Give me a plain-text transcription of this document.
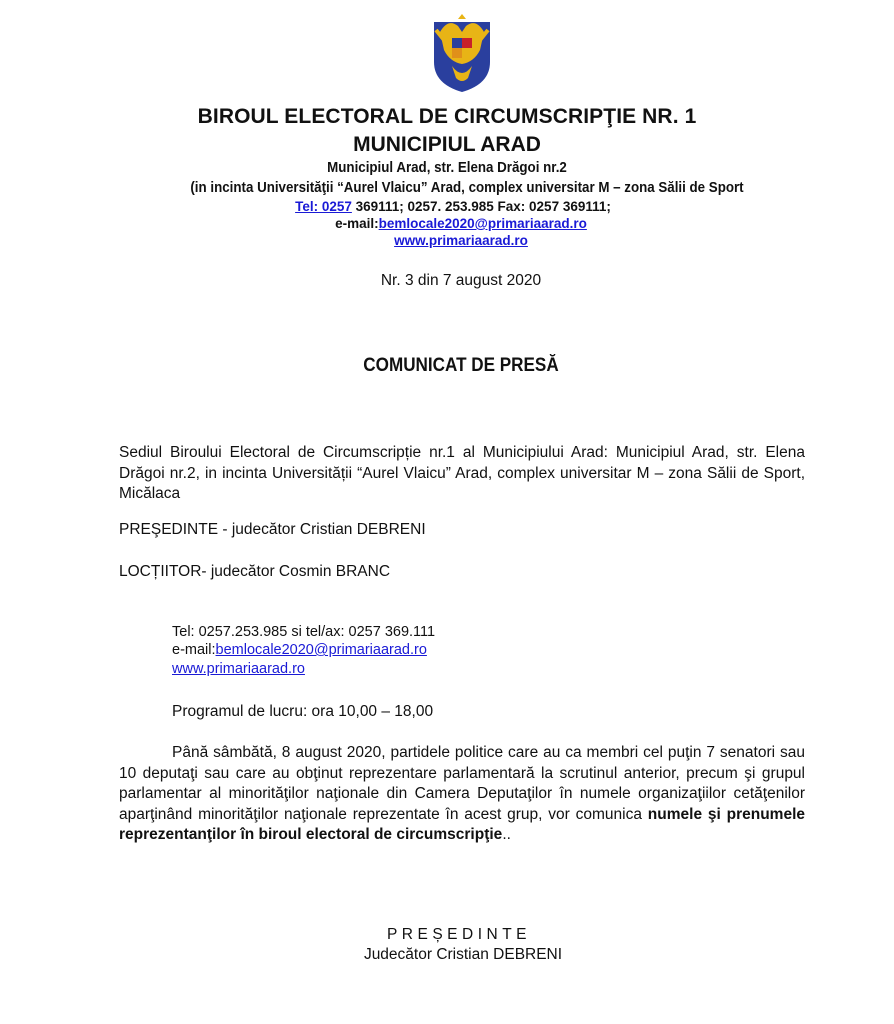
BIROUL ELECTORAL DE CIRCUMSCRIPŢIE NR. 1
MUNICIPIUL ARAD
Municipiul Arad, str. Elena Drăgoi nr.2
(in incinta Universităţii “Aurel Vlaicu” Arad, complex universitar M – zona Sălii de Sport
Tel: 0257 369111; 0257. 253.985 Fax: 0257 369111;
e-mail:bemlocale2020@primariaarad.ro
www.primariaarad.ro
Nr. 3 din 7 august 2020
COMUNICAT DE PRESĂ
Sediul Biroului Electoral de Circumscripție nr.1 al Municipiului Arad: Municipiul Arad, str. Elena Drăgoi nr.2, in incinta Universității “Aurel Vlaicu” Arad, complex universitar M – zona Sălii de Sport, Micălaca
PREŞEDINTE - judecător Cristian DEBRENI
LOCȚIITOR- judecător Cosmin BRANC
Tel: 0257.253.985 si tel/ax: 0257 369.111
e-mail:bemlocale2020@primariaarad.ro
www.primariaarad.ro
Programul de lucru: ora 10,00 – 18,00
Până sâmbătă, 8 august 2020, partidele politice care au ca membri cel puţin 7 senatori sau 10 deputaţi sau care au obţinut reprezentare parlamentară la scrutinul anterior, precum şi grupul parlamentar al minorităţilor naţionale din Camera Deputaţilor în numele organizaţiilor cetăţenilor aparţinând minorităţilor naţionale reprezentate în acest grup, vor comunica numele şi prenumele reprezentanţilor în biroul electoral de circumscripţie..
PREȘEDINTE
Judecător Cristian DEBRENI
